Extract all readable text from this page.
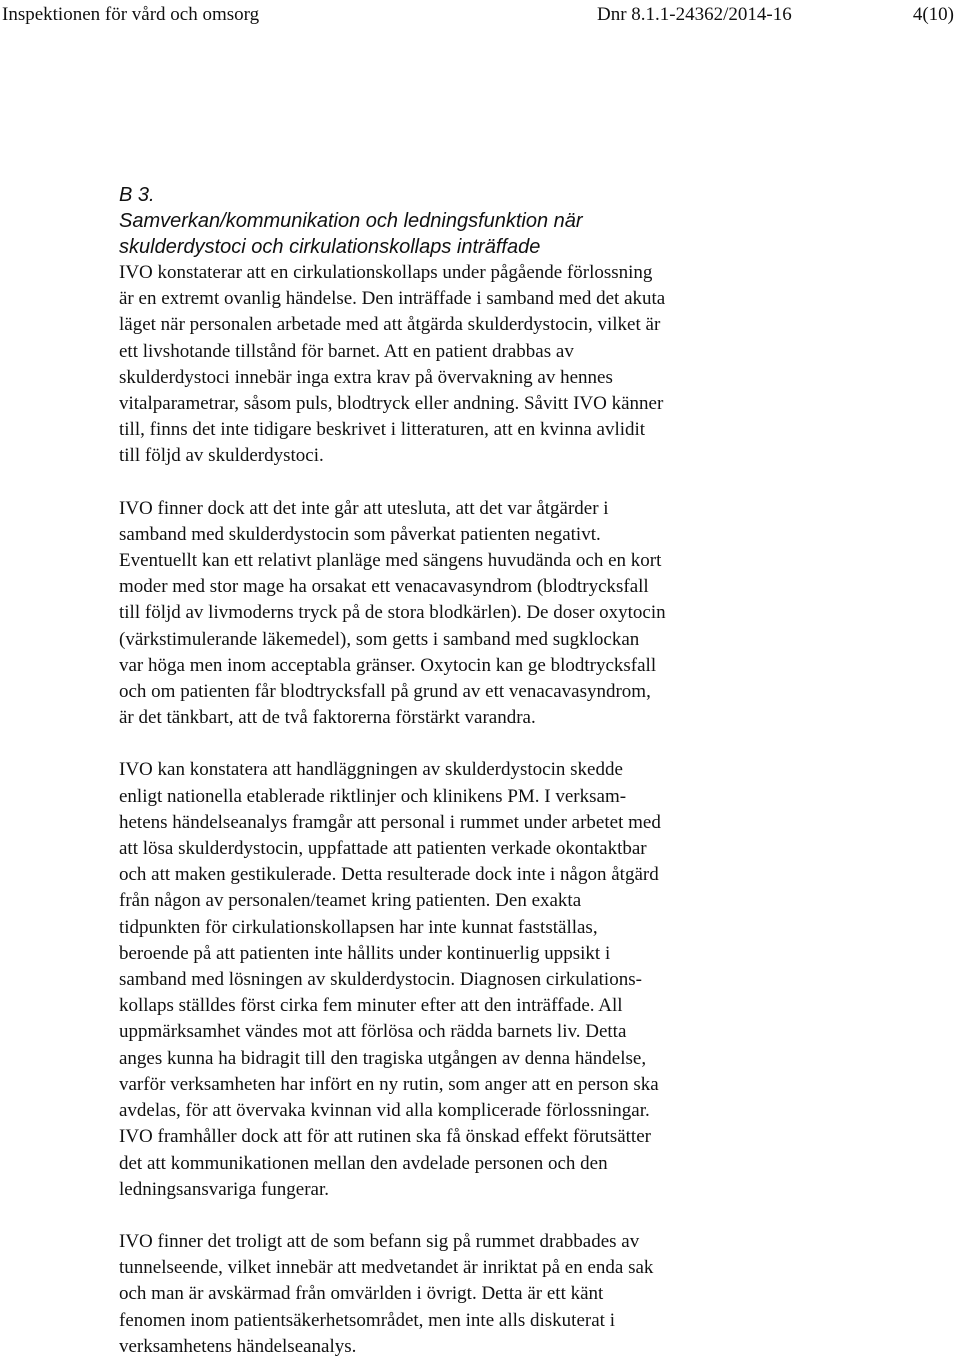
Inspektionen för vård och omsorg	Dnr 8.1.1-24362/2014-16	4(10)

B 3.

Samverkan/kommunikation och ledningsfunktion när
skulderdystoci och cirkulationskollaps inträffade

IVO konstaterar att en cirkulationskollaps under pågående förlossning
är en extremt ovanlig händelse. Den inträffade i samband med det akuta
läget när personalen arbetade med att åtgärda skulderdystocin, vilket är
ett livshotande tillstånd för barnet. Att en patient drabbas av
skulderdystoci innebär inga extra krav på övervakning av hennes
vitalparametrar, såsom puls, blodtryck eller andning. Såvitt IVO känner
till, finns det inte tidigare beskrivet i litteraturen, att en kvinna avlidit
till följd av skulderdystoci.

IVO finner dock att det inte går att utesluta, att det var åtgärder i
samband med skulderdystocin som påverkat patienten negativt.
Eventuellt kan ett relativt planläge med sängens huvudända och en kort
moder med stor mage ha orsakat ett venacavasyndrom (blodtrycksfall
till följd av livmoderns tryck på de stora blodkärlen). De doser oxytocin
(värkstimulerande läkemedel), som getts i samband med sugklockan
var höga men inom acceptabla gränser. Oxytocin kan ge blodtrycksfall
och om patienten får blodtrycksfall på grund av ett venacavasyndrom,
är det tänkbart, att de två faktorerna förstärkt varandra.

IVO kan konstatera att handläggningen av skulderdystocin skedde
enligt nationella etablerade riktlinjer och klinikens PM. I verksam-
hetens händelseanalys framgår att personal i rummet under arbetet med
att lösa skulderdystocin, uppfattade att patienten verkade okontaktbar
och att maken gestikulerade. Detta resulterade dock inte i någon åtgärd
från någon av personalen/teamet kring patienten. Den exakta
tidpunkten för cirkulationskollapsen har inte kunnat fastställas,
beroende på att patienten inte hållits under kontinuerlig uppsikt i
samband med lösningen av skulderdystocin. Diagnosen cirkulations-
kollaps ställdes först cirka fem minuter efter att den inträffade. All
uppmärksamhet vändes mot att förlösa och rädda barnets liv. Detta
anges kunna ha bidragit till den tragiska utgången av denna händelse,
varför verksamheten har infört en ny rutin, som anger att en person ska
avdelas, för att övervaka kvinnan vid alla komplicerade förlossningar.
IVO framhåller dock att för att rutinen ska få önskad effekt förutsätter
det att kommunikationen mellan den avdelade personen och den
ledningsansvariga fungerar.

IVO finner det troligt att de som befann sig på rummet drabbades av
tunnelseende, vilket innebär att medvetandet är inriktat på en enda sak
och man är avskärmad från omvärlden i övrigt. Detta är ett känt
fenomen inom patientsäkerhetsområdet, men inte alls diskuterat i
verksamhetens händelseanalys.
